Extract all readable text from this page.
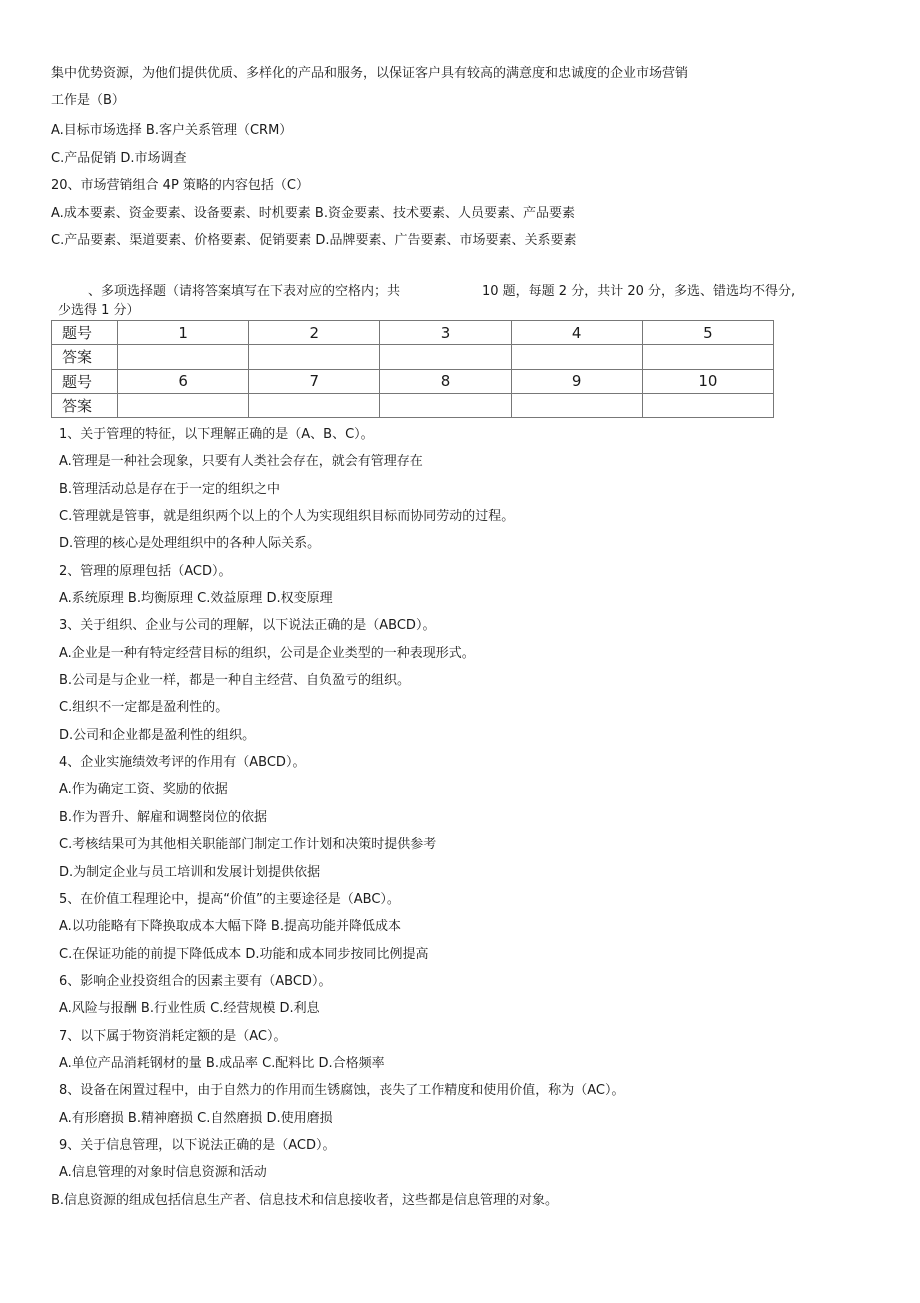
集中优势资源，为他们提供优质、多样化的产品和服务，以保证客户具有较高的满意度和忠诚度的企业市场营销
工作是（B）
A.目标市场选择 B.客户关系管理（CRM）
C.产品促销 D.市场调查
20、市场营销组合 4P 策略的内容包括（C）
A.成本要素、资金要素、设备要素、时机要素 B.资金要素、技术要素、人员要素、产品要素
C.产品要素、渠道要素、价格要素、促销要素 D.品牌要素、广告要素、市场要素、关系要素
、多项选择题（请将答案填写在下表对应的空格内；共	10 题，每题 2 分，共计 20 分，多选、错选均不得分,
少选得 1 分）
题号	1	2	3	4	5
答案					
题号	6	7	8	9	10
答案					
1、关于管理的特征，以下理解正确的是（A、B、C）。
A.管理是一种社会现象，只要有人类社会存在，就会有管理存在
B.管理活动总是存在于一定的组织之中
C.管理就是管事，就是组织两个以上的个人为实现组织目标而协同劳动的过程。
D.管理的核心是处理组织中的各种人际关系。
2、管理的原理包括（ACD）。
A.系统原理 B.均衡原理 C.效益原理 D.权变原理
3、关于组织、企业与公司的理解，以下说法正确的是（ABCD）。
A.企业是一种有特定经营目标的组织，公司是企业类型的一种表现形式。
B.公司是与企业一样，都是一种自主经营、自负盈亏的组织。
C.组织不一定都是盈利性的。
D.公司和企业都是盈利性的组织。
4、企业实施绩效考评的作用有（ABCD）。
A.作为确定工资、奖励的依据
B.作为晋升、解雇和调整岗位的依据
C.考核结果可为其他相关职能部门制定工作计划和决策时提供参考
D.为制定企业与员工培训和发展计划提供依据
5、在价值工程理论中，提高“价值”的主要途径是（ABC）。
A.以功能略有下降换取成本大幅下降 B.提高功能并降低成本
C.在保证功能的前提下降低成本 D.功能和成本同步按同比例提高
6、影响企业投资组合的因素主要有（ABCD）。
A.风险与报酬 B.行业性质 C.经营规模 D.利息
7、以下属于物资消耗定额的是（AC）。
A.单位产品消耗钢材的量 B.成品率 C.配料比 D.合格频率
8、设备在闲置过程中，由于自然力的作用而生锈腐蚀，丧失了工作精度和使用价值，称为（AC）。
A.有形磨损 B.精神磨损 C.自然磨损 D.使用磨损
9、关于信息管理，以下说法正确的是（ACD）。
A.信息管理的对象时信息资源和活动
B.信息资源的组成包括信息生产者、信息技术和信息接收者，这些都是信息管理的对象。
